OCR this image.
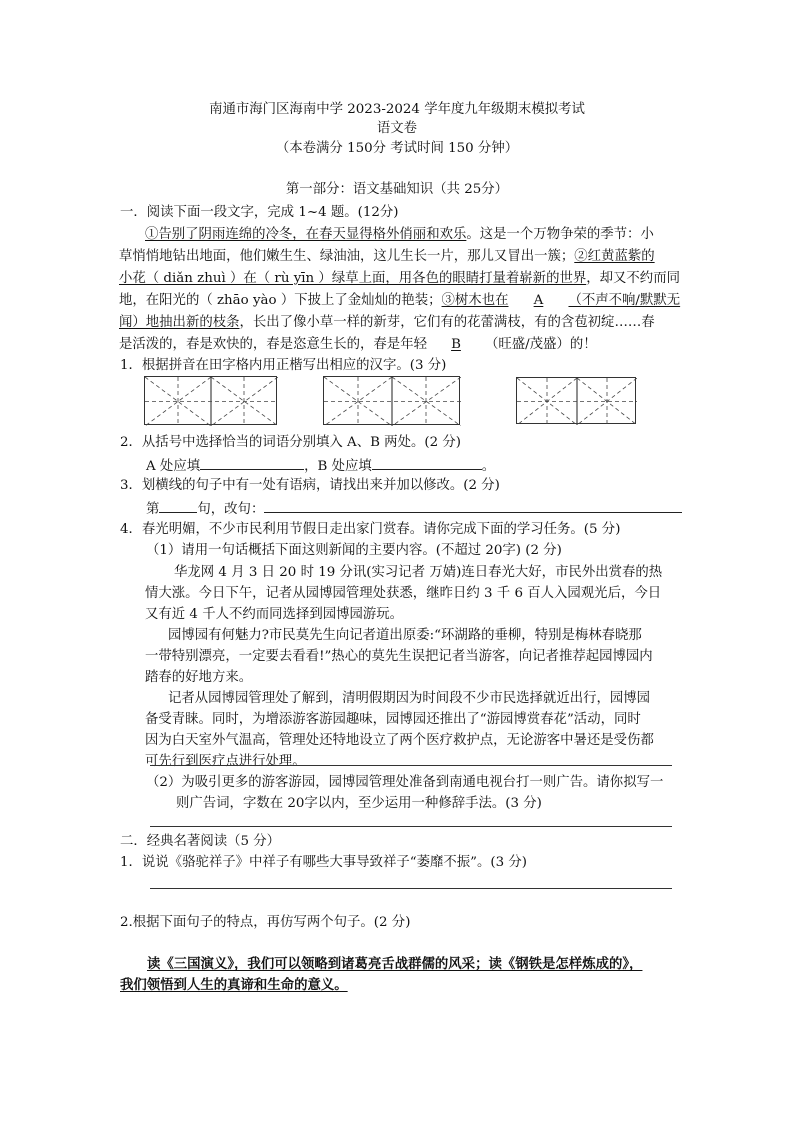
南通市海门区海南中学 2023-2024 学年度九年级期末模拟考试
语文卷
（本卷满分 150分 考试时间 150 分钟）
第一部分：语文基础知识（共 25分）
一．阅读下面一段文字，完成 1~4 题。(12分)
①告别了阴雨连绵的冷冬，在春天显得格外俏丽和欢乐。这是一个万物争荣的季节：小
草悄悄地钻出地面，他们嫩生生、绿油油，这儿生长一片，那儿又冒出一簇；②红黄蓝紫的
小花（ diǎn zhuì ）在（ rù yīn ）绿草上面，用各色的眼睛打量着崭新的世界，却又不约而同
地，在阳光的（ zhāo yào ）下披上了金灿灿的艳装；③树木也在 A （不声不响/默默无
闻）地抽出新的枝条，长出了像小草一样的新芽，它们有的花蕾满枝，有的含苞初绽……春
是活泼的，春是欢快的，春是恣意生长的，春是年轻 B （旺盛/茂盛）的！
1．根据拼音在田字格内用正楷写出相应的汉字。(3 分)
2．从括号中选择恰当的词语分别填入 A、B 两处。(2 分)
A 处应填	，B 处应填	。
3．划横线的句子中有一处有语病，请找出来并加以修改。(2 分)
第	句，改句：
4．春光明媚，不少市民利用节假日走出家门赏春。请你完成下面的学习任务。(5 分)
（1）请用一句话概括下面这则新闻的主要内容。(不超过 20字) (2 分)
华龙网 4 月 3 日 20 时 19 分讯(实习记者 万婧)连日春光大好，市民外出赏春的热
情大涨。今日下午，记者从园博园管理处获悉，继昨日约 3 千 6 百人入园观光后，今日
又有近 4 千人不约而同选择到园博园游玩。
园博园有何魅力?市民莫先生向记者道出原委:“环湖路的垂柳，特别是梅林春晓那
一带特别漂亮，一定要去看看!”热心的莫先生误把记者当游客，向记者推荐起园博园内
踏春的好地方来。
记者从园博园管理处了解到，清明假期因为时间段不少市民选择就近出行，园博园
备受青睐。同时，为增添游客游园趣味，园博园还推出了“游园博赏春花”活动，同时
因为白天室外气温高，管理处还特地设立了两个医疗救护点，无论游客中暑还是受伤都
可先行到医疗点进行处理。
（2）为吸引更多的游客游园，园博园管理处准备到南通电视台打一则广告。请你拟写一
则广告词，字数在 20字以内，至少运用一种修辞手法。(3 分)
二．经典名著阅读（5 分）
1．说说《骆驼祥子》中祥子有哪些大事导致祥子“萎靡不振”。(3 分)
2.根据下面句子的特点，再仿写两个句子。(2 分)
读《三国演义》，我们可以领略到诸葛亮舌战群儒的风采；读《钢铁是怎样炼成的》，
我们领悟到人生的真谛和生命的意义。
